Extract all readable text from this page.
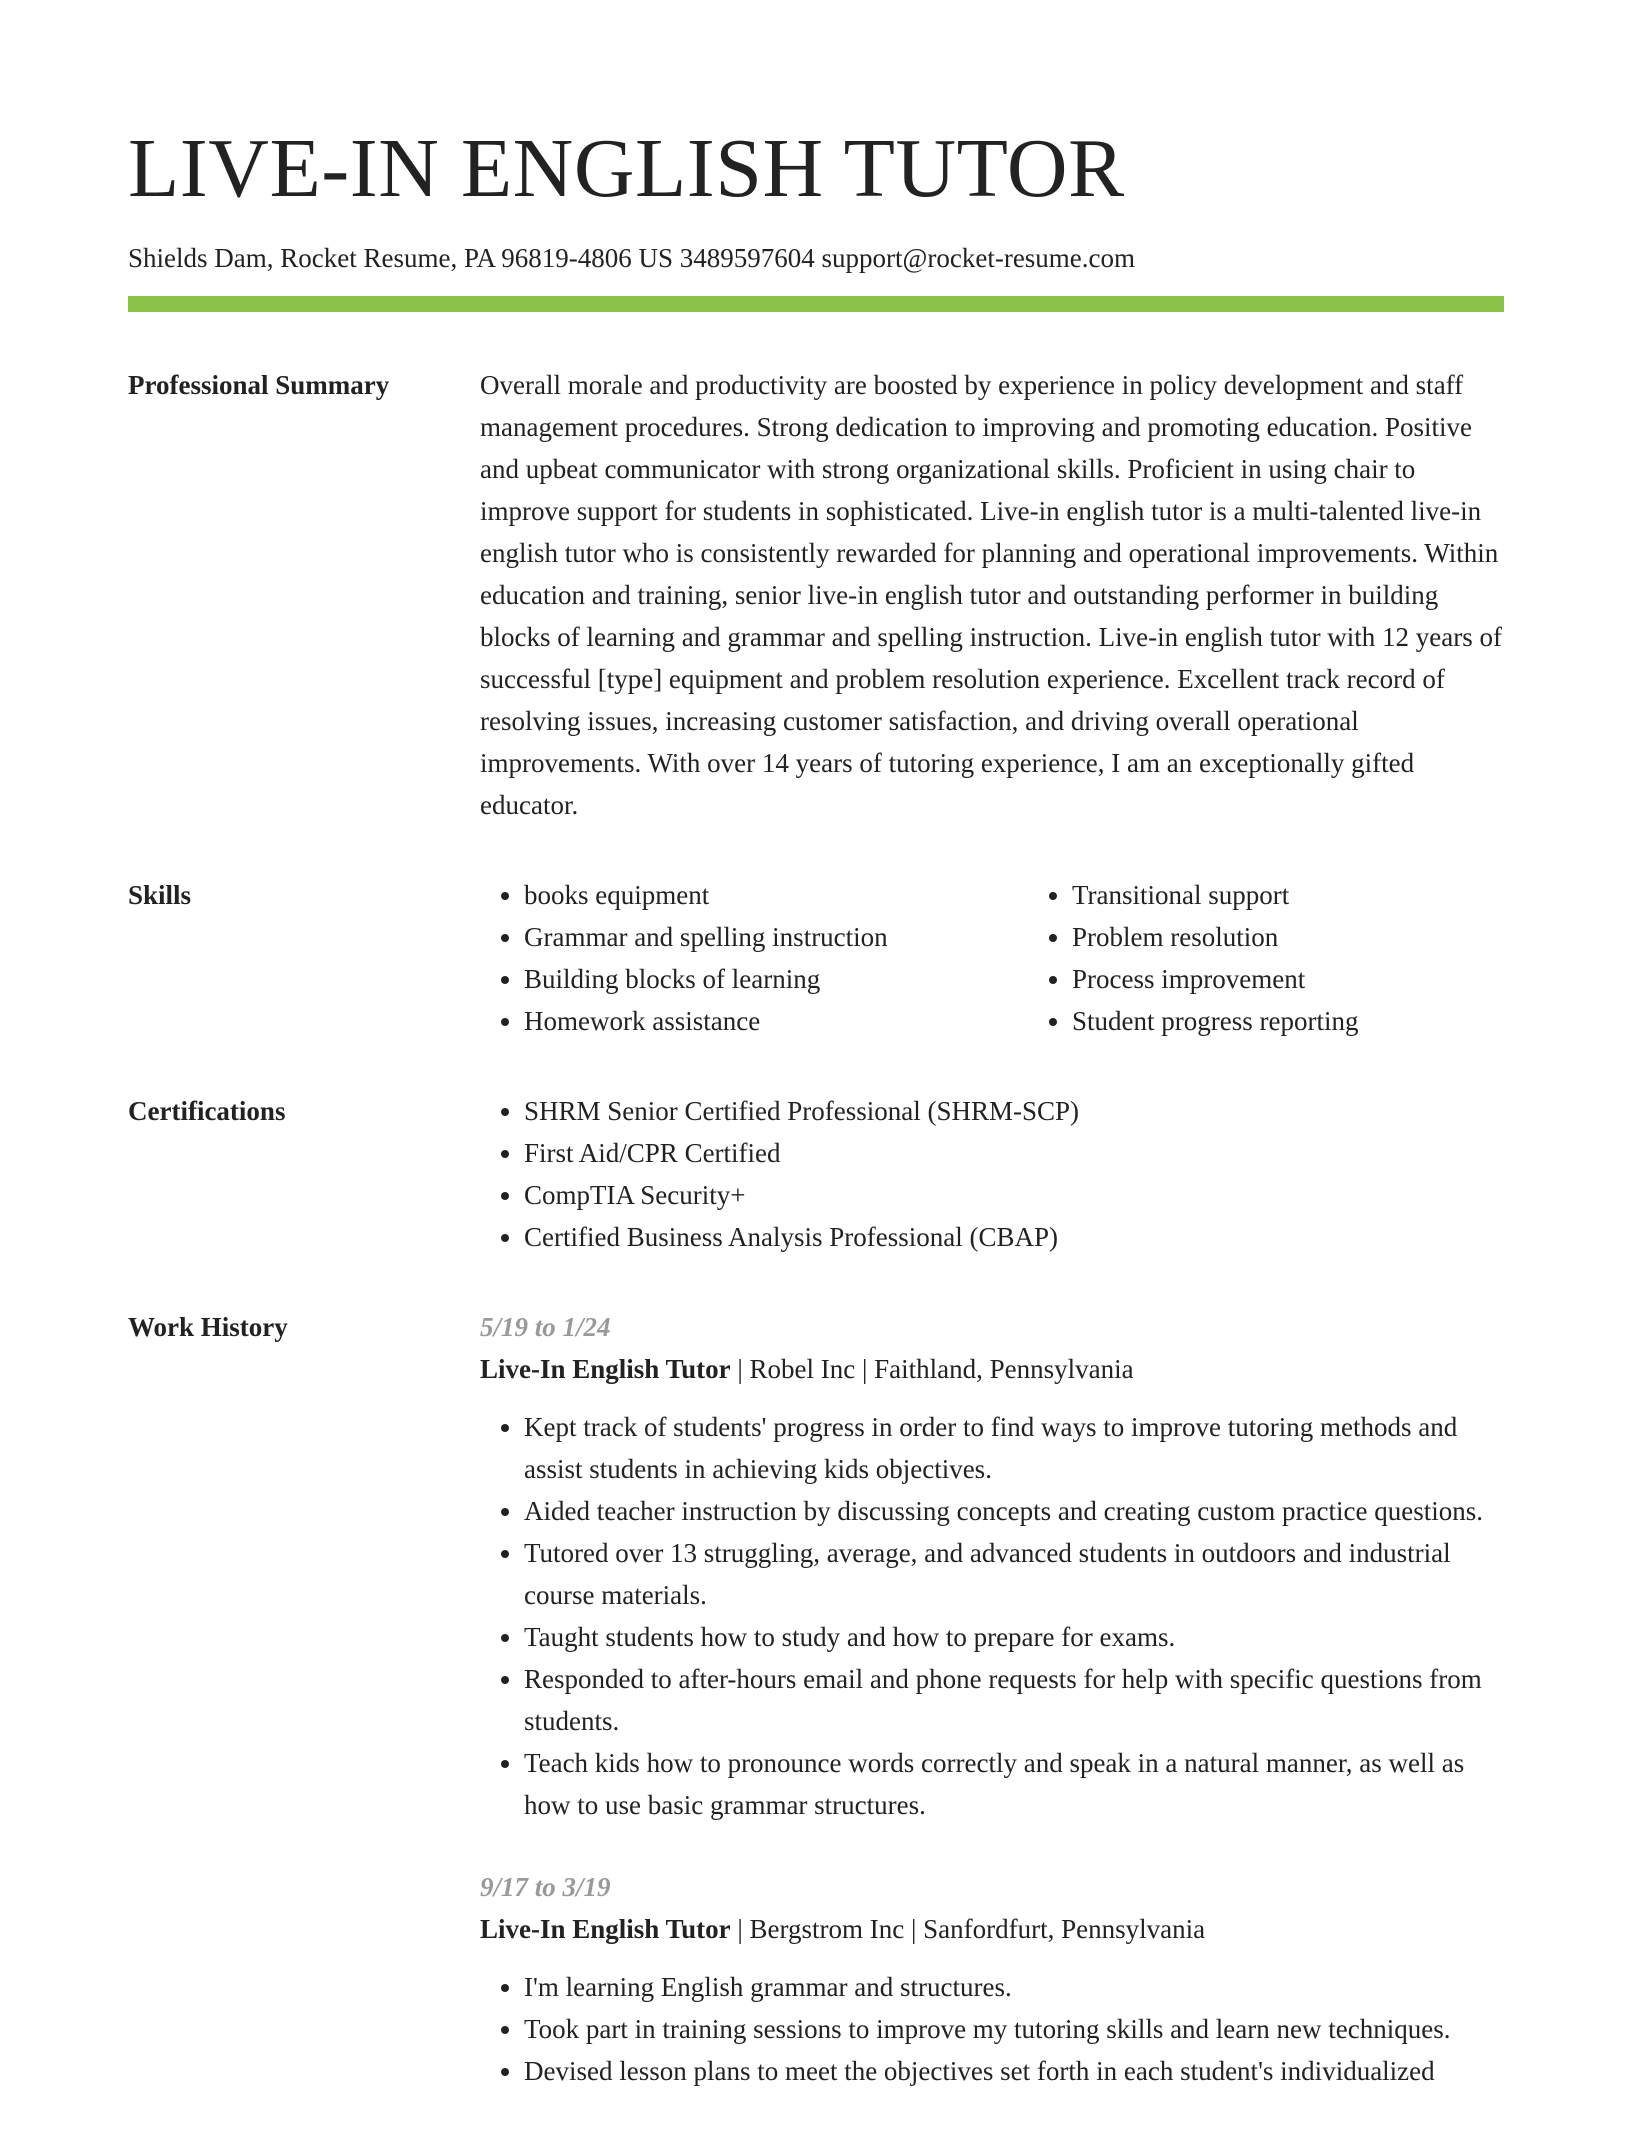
LIVE-IN ENGLISH TUTOR
Shields Dam, Rocket Resume, PA 96819-4806 US 3489597604 support@rocket-resume.com
Professional Summary	Overall morale and productivity are boosted by experience in policy development and staff management procedures. Strong dedication to improving and promoting education. Positive and upbeat communicator with strong organizational skills. Proficient in using chair to improve support for students in sophisticated. Live-in english tutor is a multi-talented live-in english tutor who is consistently rewarded for planning and operational improvements. Within education and training, senior live-in english tutor and outstanding performer in building blocks of learning and grammar and spelling instruction. Live-in english tutor with 12 years of successful [type] equipment and problem resolution experience. Excellent track record of resolving issues, increasing customer satisfaction, and driving overall operational improvements. With over 14 years of tutoring experience, I am an exceptionally gifted educator.

Skills	• books equipment
• Grammar and spelling instruction
• Building blocks of learning
• Homework assistance
• Transitional support
• Problem resolution
• Process improvement
• Student progress reporting
Certifications	• SHRM Senior Certified Professional (SHRM-SCP)
• First Aid/CPR Certified
• CompTIA Security+
• Certified Business Analysis Professional (CBAP)
Work History	5/19 to 1/24
Live-In English Tutor | Robel Inc | Faithland, Pennsylvania
• Kept track of students' progress in order to find ways to improve tutoring methods and assist students in achieving kids objectives.
• Aided teacher instruction by discussing concepts and creating custom practice questions.
• Tutored over 13 struggling, average, and advanced students in outdoors and industrial course materials.
• Taught students how to study and how to prepare for exams.
• Responded to after-hours email and phone requests for help with specific questions from students.
• Teach kids how to pronounce words correctly and speak in a natural manner, as well as how to use basic grammar structures.
9/17 to 3/19
Live-In English Tutor | Bergstrom Inc | Sanfordfurt, Pennsylvania
• I'm learning English grammar and structures.
• Took part in training sessions to improve my tutoring skills and learn new techniques.
• Devised lesson plans to meet the objectives set forth in each student's individualized
